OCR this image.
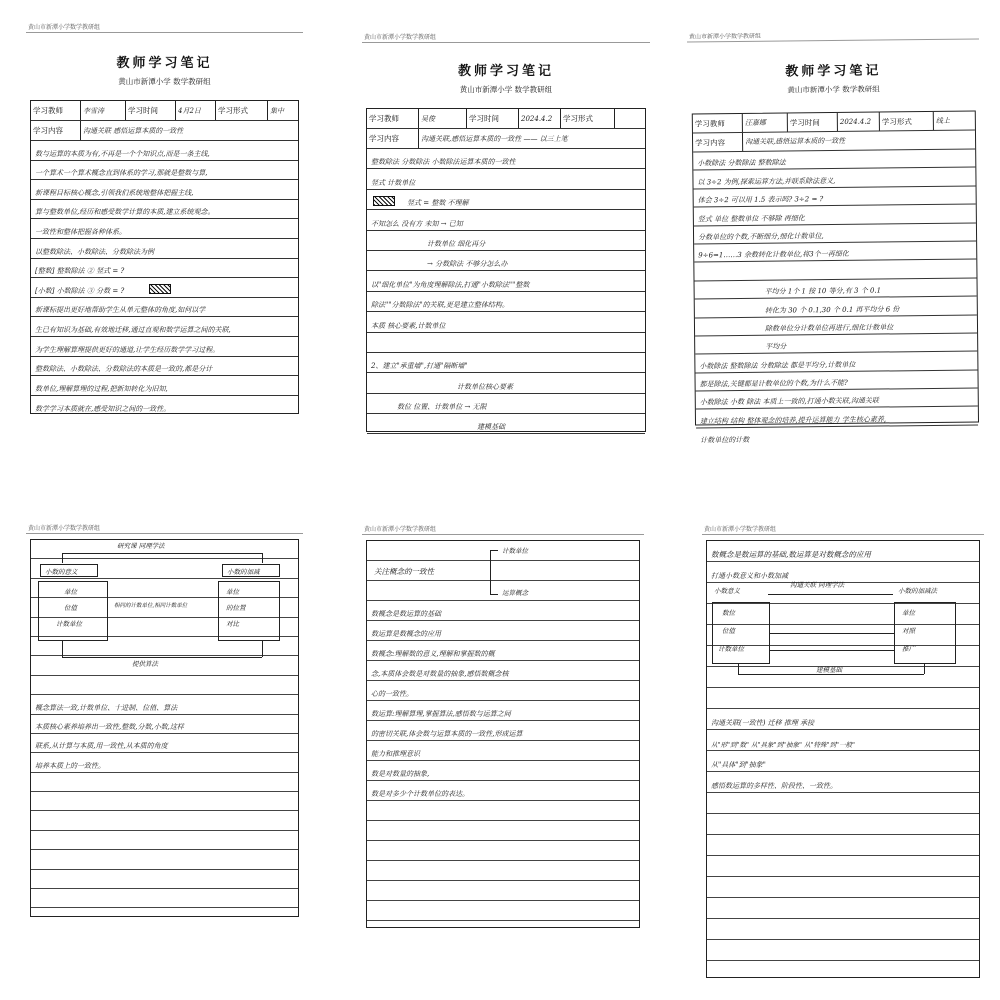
黄山市新潭小学数学教研组
教师学习笔记
黄山市新潭小学 数学教研组
学习教师	李雪涛	学习时间	4月2日	学习形式	集中
学习内容	沟通关联 感悟运算本质的一致性
数与运算的本质为有,不再是一个个知识点,而是一条主线,
一个算术一个算术概念直到体系的学习,那就是整数与算,
新课程目标核心概念,引领我们系统地整体把握主线,
算与整数单位,经历和感受数学计算的本质,建立系统观念。
一致性和整体把握各种体系。
以整数除法、小数除法、分数除法为例
[整数] 整数除法 ② 竖式 = ?
[小数] 小数除法 ③ 分数 = ?
新课标提出更好地帮助学生从单元整体的角度,如何以学
生已有知识为基础,有效地迁移,通过直观和数学运算之间的关联,
为学生理解算理提供更好的通道,让学生经历数学学习过程。
整数除法、小数除法、分数除法的本质是一致的,都是分计
数单位,理解算理的过程,把新知转化为旧知,
数学学习本质就在,感受知识之间的一致性。
黄山市新潭小学数学教研组
教师学习笔记
黄山市新潭小学 数学教研组
学习教师	吴俊	学习时间	2024.4.2	学习形式
学习内容	沟通关联,感悟运算本质的一致性 —— 以三上笔
整数除法 分数除法 小数除法运算本质的一致性
竖式 计数单位
竖式 = 整数 不理解
不知怎么 没有方 未知 → 已知
计数单位 细化再分
→ 分数除法 不够分怎么办
以"细化单位"为角度理解除法,打通"小数除法""整数
除法""分数除法"的关联,更是建立整体结构。
本质 核心要素,计数单位
2、建立"承重墙",打通"隔断墙"
计数单位核心要素
数位 位置、计数单位 → 无限
建模基础
黄山市新潭小学数学教研组
教师学习笔记
黄山市新潭小学 数学教研组
学习教师	汪嘉娜	学习时间	2024.4.2	学习形式	线上
学习内容	沟通关联,感悟运算本质的一致性
小数除法 分数除法 整数除法
以 3÷2 为例,探索运算方法,并联系除法意义,
体会 3÷2 可以用 1.5 表示吗? 3÷2 = ?
竖式 单位 整数单位 不够除 再细化
分数单位的个数,不断细分,细化计数单位,
9÷6=1……3 余数转化计数单位,将3个一再细化
平均分 1个 1 按 10 等分,有 3 个 0.1
转化为 30 个 0.1,30 个 0.1 再平均分 6 份
除数单位分计数单位再进行,细化计数单位
平均分
小数除法 整数除法 分数除法 都是平均分,计数单位
都是除法,关键都是计数单位的个数,为什么不能?
小数除法 小数 除法 本质上一致的,打通小数关联,沟通关联
建立结构 结构 整体观念的培养,提升运算能力 学生核心素养,
计数单位的计数
黄山市新潭小学数学教研组
概念算法一致,计数单位、十进制、位值、算法
本质核心素养培养出一致性,整数,分数,小数,这样
联系,从计算与本质,用一致性,从本质的角度
培养本质上的一致性。
研究课 同理学法
小数的意义	小数的加减
单位
位值
计数单位
单位
的位置
对比
相同的计数单位,相同计数单位
提供算法
黄山市新潭小学数学教研组
数概念是数运算的基础
数运算是数概念的应用
数概念:理解数的意义,理解和掌握数的概
念,本质体会数是对数量的抽象,感悟数概念核
心的一致性。
数运算:理解算理,掌握算法,感悟数与运算之间
的密切关联,体会数与运算本质的一致性,形成运算
能力和推理意识
数是对数量的抽象,
数是对多少个计数单位的表达。
关注概念的一致性
计数单位
运算概念
黄山市新潭小学数学教研组
数概念是数运算的基础,数运算是对数概念的应用
打通小数意义和小数加减
沟通关联(一致性) 迁移 推理 承接
从"形"到"数" 从"具象"到"抽象" 从"特殊"到"一般"
从"具体"到"抽象"
感悟数运算的多样性、阶段性、一致性。
小数意义
沟通关联 同理学法
小数的加减法
数位
位值
计数单位
单位
对照
推广
建模基础
